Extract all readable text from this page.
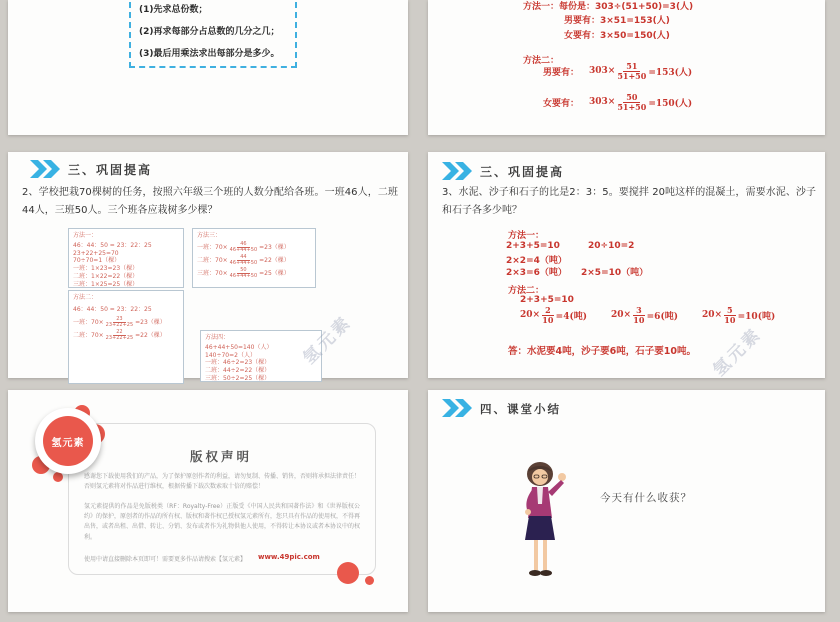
(1)先求总份数；
(2)再求每部分占总数的几分之几；
(3)最后用乘法求出每部分是多少。
方法一：每份是：303÷(51+50)=3(人)
男要有：3×51=153(人)
女要有：3×50=150(人)
方法二：
男要有： $303\times \frac{51}{51+50} =153$(人)
女要有： $303\times \frac{50}{51+50} =150$(人)
三、巩固提高
2、学校把栽70棵树的任务，按照六年级三个班的人数分配给各班。一班46人，二班44人，三班50人。三个班各应栽树多少棵？
方法一：
46：44：50 = 23：22：25
23+22+25=70
70÷70=1（棵）
一班：1×23=23（棵）
二班：1×22=22（棵）
三班：1×25=25（棵）
方法三：
一班：$70\times \frac{46}{46+44+50} =23$（棵）
二班：$70\times \frac{44}{46+44+50} =22$（棵）
三班：$70\times \frac{50}{46+44+50} =25$（棵）
方法二：
46：44：50 = 23：22：25
一班：$70\times \frac{23}{23+22+25} =23$（棵）
二班：$70\times \frac{22}{23+22+25} =22$（棵）	方法四：
46+44+50=140（人）
140÷70=2（人）
一班：46÷2=23（棵）
二班：44÷2=22（棵）
三班：50÷2=25（棵）
三、巩固提高
3、水泥、沙子和石子的比是2：3：5。要搅拌 20吨这样的混凝土，需要水泥、沙子和石子各多少吨？
方法一：
2+3+5=10	20÷10=2
2×2=4（吨）
2×3=6（吨） 2×5=10（吨）
方法二：
2+3+5=10
$20\times \frac{2}{10} =4$(吨)	$20\times \frac{3}{10} =6$(吨)	$20\times \frac{5}{10} =10$(吨)
答：水泥要4吨，沙子要6吨，石子要10吨。
版权声明
感谢您下载使用我们的产品，为了保护原创作者的利益，请勿复制、传播、销售，否则将承担法律责任！否则氢元素将对作品进行维权，根据传播下载次数索取十倍的赔偿！
氢元素提供的作品是免版税类（RF：Royalty-Free）正版受《中国人民共和国著作法》和《世界版权公约》的保护，原创者的作品的所有权、版权和著作权已授权氢元素所有，您只具有作品的使用权，不得再出售，或者出租、出借、转让、分销、发布或者作为礼物供他人使用，不得转让本协议或者本协议中的权利。
使用中请直接删除本页即可！需要更多作品请搜索【氢元素】 www.49pic.com
氢元素
四、课堂小结
今天有什么收获？
氢元素	氢元素
